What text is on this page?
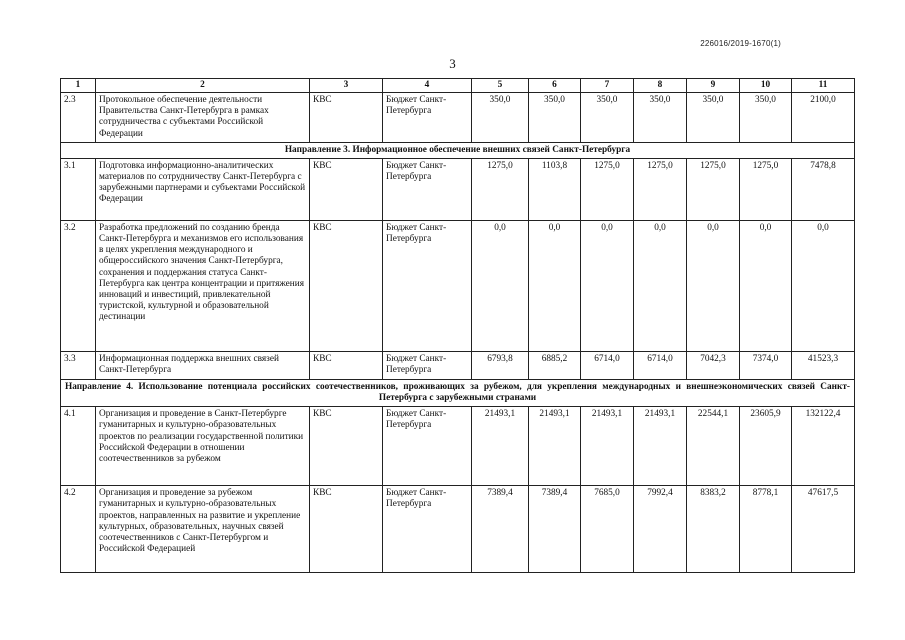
226016/2019-1670(1)
3
1	2	3	4	5	6	7	8	9	10	11
2.3	Протокольное обеспечение деятельности Правительства Санкт-Петербурга в рамках сотрудничества с субъектами Российской Федерации	КВС	Бюджет Санкт-Петербурга	350,0	350,0	350,0	350,0	350,0	350,0	2100,0
Направление 3. Информационное обеспечение внешних связей Санкт-Петербурга										
3.1	Подготовка информационно-аналитических материалов по сотрудничеству Санкт-Петербурга с зарубежными партнерами и субъектами Российской Федерации	КВС	Бюджет Санкт-Петербурга	1275,0	1103,8	1275,0	1275,0	1275,0	1275,0	7478,8
3.2	Разработка предложений по созданию бренда Санкт-Петербурга и механизмов его использования в целях укрепления международного и общероссийского значения Санкт-Петербурга, сохранения и поддержания статуса Санкт-Петербурга как центра концентрации и притяжения инноваций и инвестиций, привлекательной туристской, культурной и образовательной дестинации	КВС	Бюджет Санкт-Петербурга	0,0	0,0	0,0	0,0	0,0	0,0	0,0
3.3	Информационная поддержка внешних связей Санкт-Петербурга	КВС	Бюджет Санкт-Петербурга	6793,8	6885,2	6714,0	6714,0	7042,3	7374,0	41523,3
Направление 4. Использование потенциала российских соотечественников, проживающих за рубежом, для укрепления международных и внешнеэкономических связей Санкт-Петербурга с зарубежными странами										
4.1	Организация и проведение в Санкт-Петербурге гуманитарных и культурно-образовательных проектов по реализации государственной политики Российской Федерации в отношении соотечественников за рубежом	КВС	Бюджет Санкт-Петербурга	21493,1	21493,1	21493,1	21493,1	22544,1	23605,9	132122,4
4.2	Организация и проведение за рубежом гуманитарных и культурно-образовательных проектов, направленных на развитие и укрепление культурных, образовательных, научных связей соотечественников с Санкт-Петербургом и Российской Федерацией	КВС	Бюджет Санкт-Петербурга	7389,4	7389,4	7685,0	7992,4	8383,2	8778,1	47617,5
